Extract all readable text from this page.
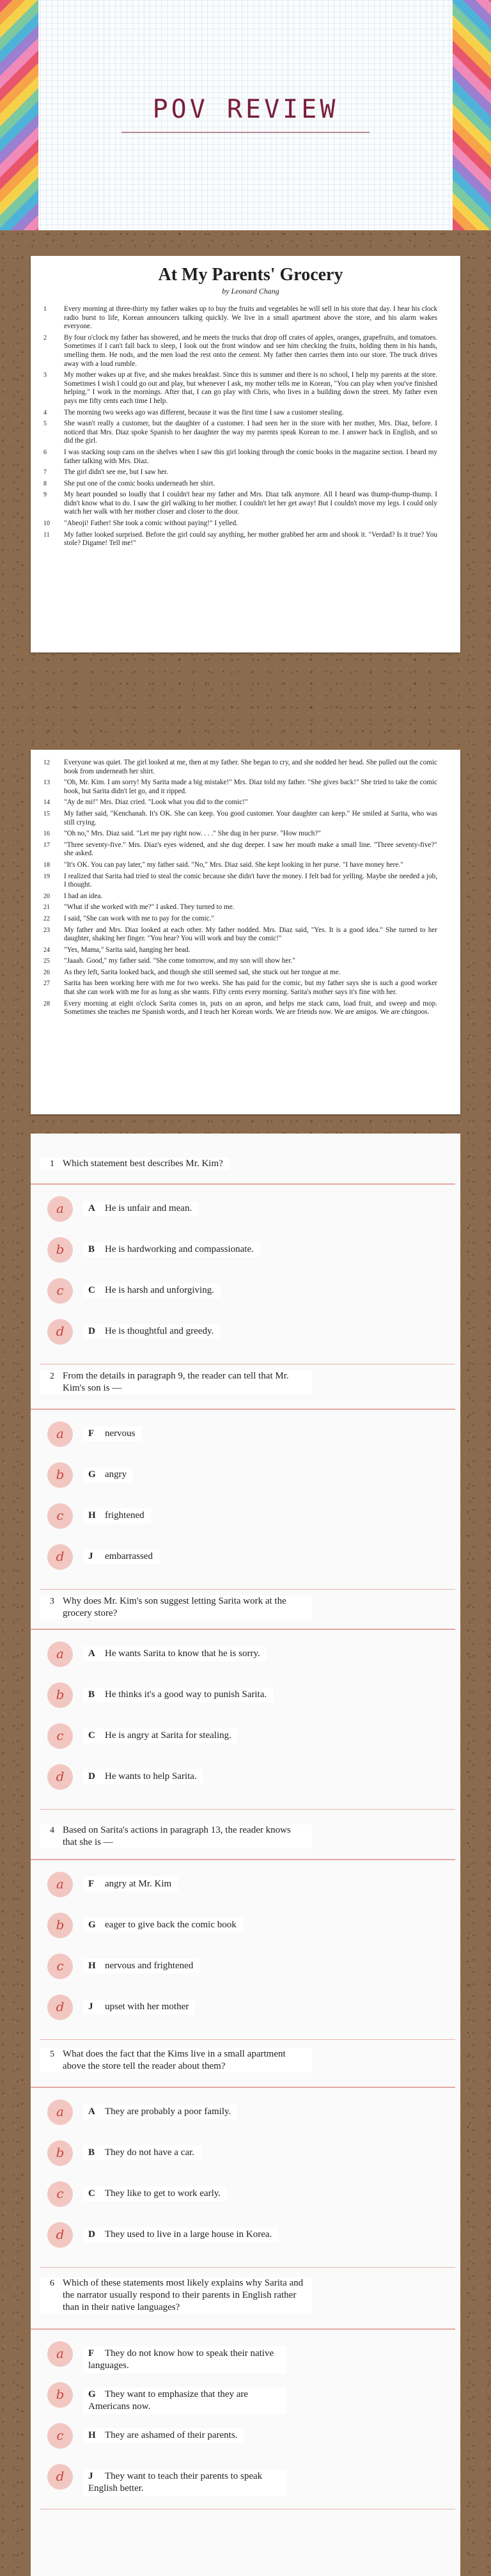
POV REVIEW
At My Parents' Grocery
by Leonard Chang

1 Every morning at three-thirty my father wakes up to buy the fruits and vegetables he will sell in his store that day. I hear his clock radio burst to life, Korean announcers talking quickly. We live in a small apartment above the store, and his alarm wakes everyone.

2 By four o'clock my father has showered, and he meets the trucks that drop off crates of apples, oranges, grapefruits, and tomatoes. Sometimes if I can't fall back to sleep, I look out the front window and see him checking the fruits, holding them in his hands, smelling them. He nods, and the men load the rest onto the cement. My father then carries them into our store. The truck drives away with a loud rumble.

3 My mother wakes up at five, and she makes breakfast. Since this is summer and there is no school, I help my parents at the store. Sometimes I wish I could go out and play, but whenever I ask, my mother tells me in Korean, "You can play when you've finished helping." I work in the mornings. After that, I can go play with Chris, who lives in a building down the street. My father even pays me fifty cents each time I help.

4 The morning two weeks ago was different, because it was the first time I saw a customer stealing.

5 She wasn't really a customer, but the daughter of a customer. I had seen her in the store with her mother, Mrs. Diaz, before. I noticed that Mrs. Diaz spoke Spanish to her daughter the way my parents speak Korean to me. I answer back in English, and so did the girl.

6 I was stacking soup cans on the shelves when I saw this girl looking through the comic books in the magazine section. I heard my father talking with Mrs. Diaz.

7 The girl didn't see me, but I saw her.

8 She put one of the comic books underneath her shirt.

9 My heart pounded so loudly that I couldn't hear my father and Mrs. Diaz talk anymore. All I heard was thump-thump-thump. I didn't know what to do. I saw the girl walking to her mother. I couldn't let her get away! But I couldn't move my legs. I could only watch her walk with her mother closer and closer to the door.

10 "Abeoji! Father! She took a comic without paying!" I yelled.

11 My father looked surprised. Before the girl could say anything, her mother grabbed her arm and shook it. "Verdad? Is it true? You stole? Digame! Tell me!"

12 Everyone was quiet. The girl looked at me, then at my father. She began to cry, and she nodded her head. She pulled out the comic book from underneath her shirt.

13 "Oh, Mr. Kim. I am sorry! My Sarita made a big mistake!" Mrs. Diaz told my father. "She gives back!" She tried to take the comic book, but Sarita didn't let go, and it ripped.

14 "Ay de mi!" Mrs. Diaz cried. "Look what you did to the comic!"

15 My father said, "Kenchanah. It's OK. She can keep. You good customer. Your daughter can keep." He smiled at Sarita, who was still crying.

16 "Oh no," Mrs. Diaz said. "Let me pay right now. . . ." She dug in her purse. "How much?"

17 "Three seventy-five." Mrs. Diaz's eyes widened, and she dug deeper. I saw her mouth make a small line. "Three seventy-five?" she asked.

18 "It's OK. You can pay later," my father said. "No," Mrs. Diaz said. She kept looking in her purse. "I have money here."

19 I realized that Sarita had tried to steal the comic because she didn't have the money. I felt bad for yelling. Maybe she needed a job, I thought.

20 I had an idea.

21 "What if she worked with me?" I asked. They turned to me.

22 I said, "She can work with me to pay for the comic."

23 My father and Mrs. Diaz looked at each other. My father nodded. Mrs. Diaz said, "Yes. It is a good idea." She turned to her daughter, shaking her finger. "You hear? You will work and buy the comic!"

24 "Yes, Mama," Sarita said, hanging her head.

25 "Jaaah. Good," my father said. "She come tomorrow, and my son will show her."

26 As they left, Sarita looked back, and though she still seemed sad, she stuck out her tongue at me.

27 Sarita has been working here with me for two weeks. She has paid for the comic, but my father says she is such a good worker that she can work with me for as long as she wants. Fifty cents every morning. Sarita's mother says it's fine with her.

28 Every morning at eight o'clock Sarita comes in, puts on an apron, and helps me stack cans, load fruit, and sweep and mop. Sometimes she teaches me Spanish words, and I teach her Korean words. We are friends now. We are amigos. We are chingoos.

1 Which statement best describes Mr. Kim?
a	A He is unfair and mean.
b	B He is hardworking and compassionate.
c	C He is harsh and unforgiving.
d	D He is thoughtful and greedy.
2 From the details in paragraph 9, the reader can tell that Mr. Kim's son is —
a	F nervous
b	G angry
c	H frightened
d	J embarrassed
3 Why does Mr. Kim's son suggest letting Sarita work at the grocery store?
a	A He wants Sarita to know that he is sorry.
b	B He thinks it's a good way to punish Sarita.
c	C He is angry at Sarita for stealing.
d	D He wants to help Sarita.
4 Based on Sarita's actions in paragraph 13, the reader knows that she is —
a	F angry at Mr. Kim
b	G eager to give back the comic book
c	H nervous and frightened
d	J upset with her mother
5 What does the fact that the Kims live in a small apartment above the store tell the reader about them?
a	A They are probably a poor family.
b	B They do not have a car.
c	C They like to get to work early.
d	D They used to live in a large house in Korea.
6 Which of these statements most likely explains why Sarita and the narrator usually respond to their parents in English rather than in their native languages?
a	F They do not know how to speak their native languages.
b	G They want to emphasize that they are Americans now.
c	H They are ashamed of their parents.
d	J They want to teach their parents to speak English better.
